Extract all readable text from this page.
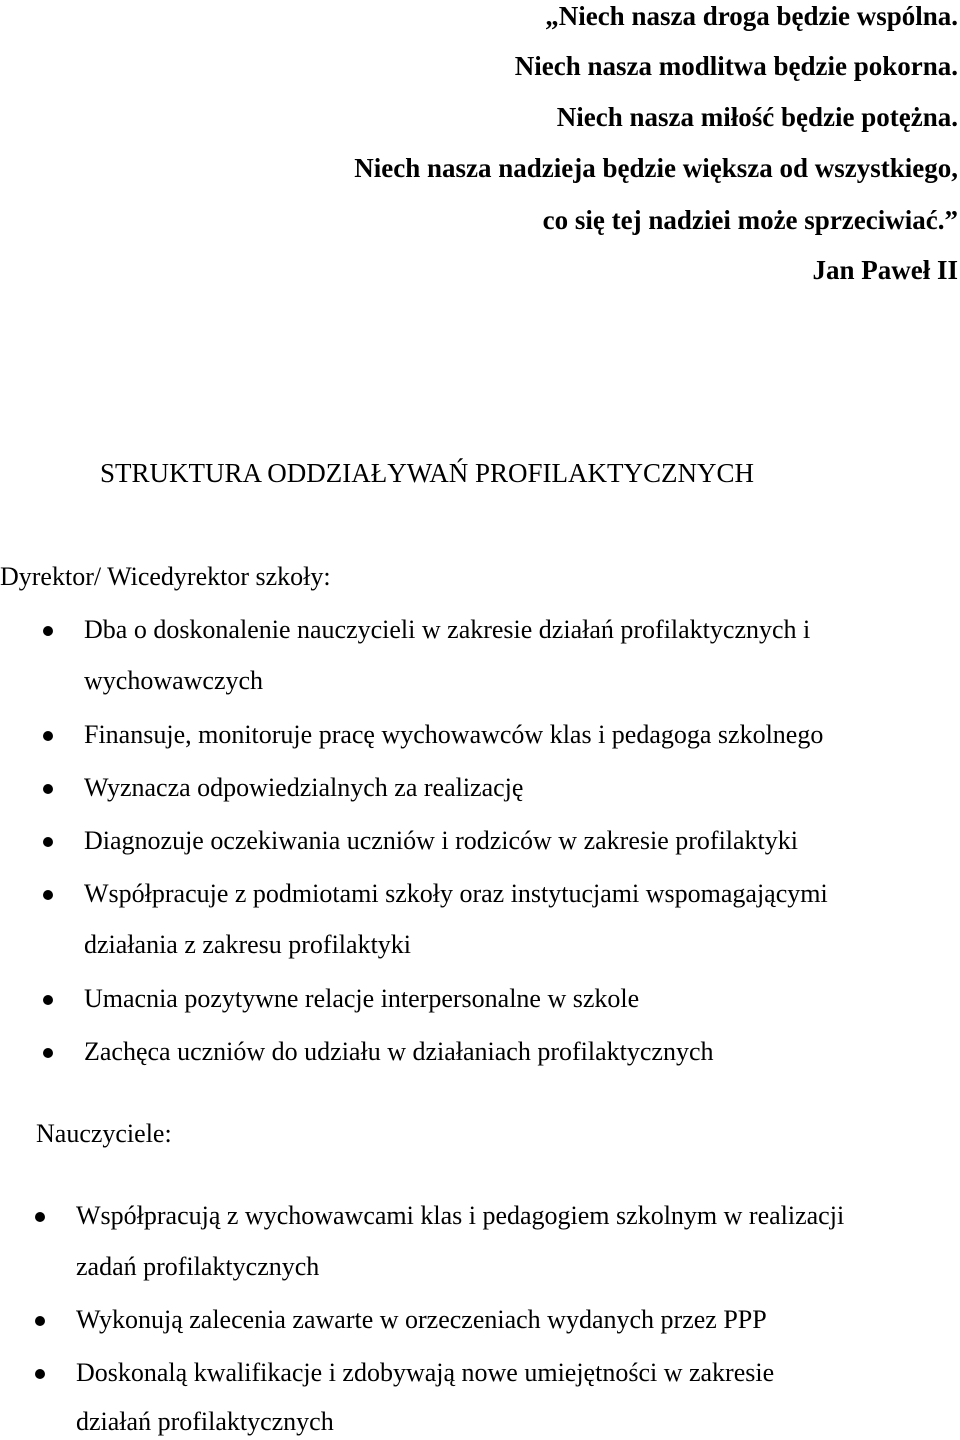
„Niech nasza droga będzie wspólna.
Niech nasza modlitwa będzie pokorna.
Niech nasza miłość będzie potężna.
Niech nasza nadzieja będzie większa od wszystkiego,
co się tej nadziei może sprzeciwiać.”
Jan Paweł II
STRUKTURA ODDZIAŁYWAŃ PROFILAKTYCZNYCH
Dyrektor/ Wicedyrektor szkoły:
Dba o doskonalenie nauczycieli w zakresie działań profilaktycznych i
wychowawczych
Finansuje, monitoruje pracę wychowawców klas i pedagoga szkolnego
Wyznacza odpowiedzialnych za realizację
Diagnozuje oczekiwania uczniów i rodziców w zakresie profilaktyki
Współpracuje z podmiotami szkoły oraz instytucjami wspomagającymi
działania z zakresu profilaktyki
Umacnia pozytywne relacje interpersonalne w szkole
Zachęca uczniów do udziału w działaniach profilaktycznych
Nauczyciele:
Współpracują z wychowawcami klas i pedagogiem szkolnym w realizacji
zadań profilaktycznych
Wykonują zalecenia zawarte w orzeczeniach wydanych przez PPP
Doskonalą kwalifikacje i zdobywają nowe umiejętności w zakresie
działań profilaktycznych
